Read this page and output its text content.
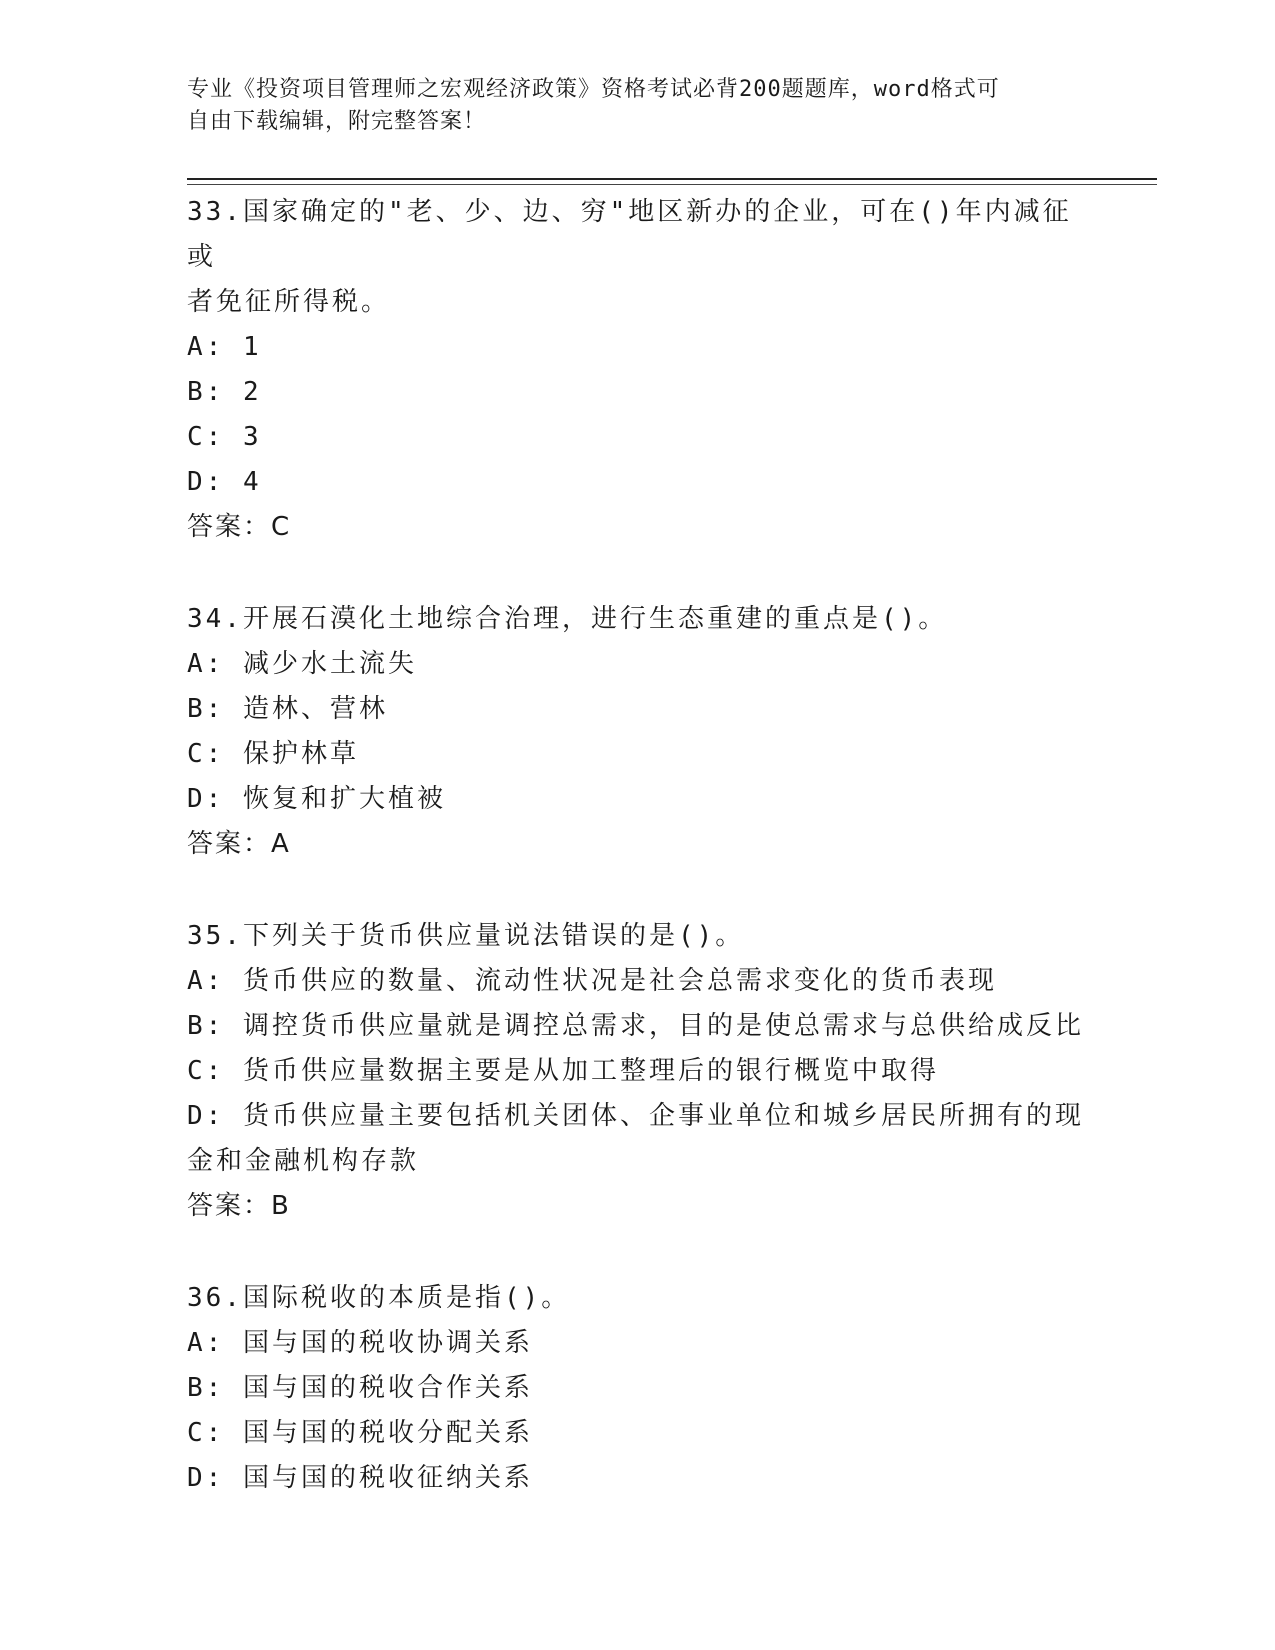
专业《投资项目管理师之宏观经济政策》资格考试必背200题题库，word格式可
自由下载编辑，附完整答案！

33.国家确定的"老、少、边、穷"地区新办的企业，可在()年内减征或

者免征所得税。

A: 1

B: 2

C: 3

D: 4

答案：C

34.开展石漠化土地综合治理，进行生态重建的重点是()。

A: 减少水土流失

B: 造林、营林

C: 保护林草

D: 恢复和扩大植被

答案：A

35.下列关于货币供应量说法错误的是()。

A: 货币供应的数量、流动性状况是社会总需求变化的货币表现

B: 调控货币供应量就是调控总需求，目的是使总需求与总供给成反比

C: 货币供应量数据主要是从加工整理后的银行概览中取得

D: 货币供应量主要包括机关团体、企事业单位和城乡居民所拥有的现

金和金融机构存款

答案：B

36.国际税收的本质是指()。

A: 国与国的税收协调关系

B: 国与国的税收合作关系

C: 国与国的税收分配关系

D: 国与国的税收征纳关系
